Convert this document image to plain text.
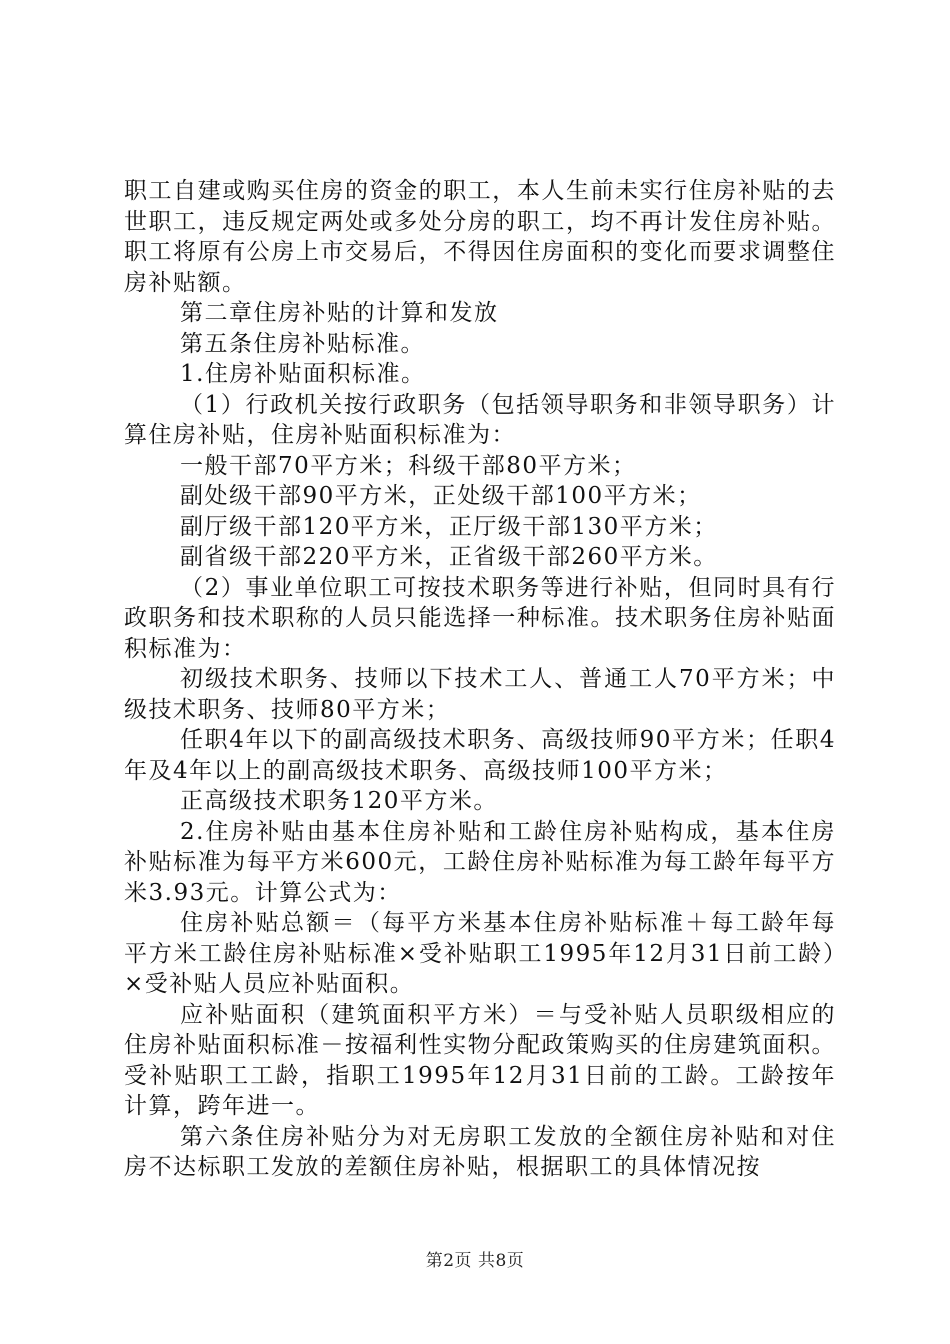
职工自建或购买住房的资金的职工，本人生前未实行住房补贴的去世职工，违反规定两处或多处分房的职工，均不再计发住房补贴。职工将原有公房上市交易后，不得因住房面积的变化而要求调整住房补贴额。

第二章住房补贴的计算和发放

第五条住房补贴标准。

1.住房补贴面积标准。

（1）行政机关按行政职务（包括领导职务和非领导职务）计算住房补贴，住房补贴面积标准为：

一般干部70平方米；科级干部80平方米；

副处级干部90平方米，正处级干部100平方米；

副厅级干部120平方米，正厅级干部130平方米；

副省级干部220平方米，正省级干部260平方米。

（2）事业单位职工可按技术职务等进行补贴，但同时具有行政职务和技术职称的人员只能选择一种标准。技术职务住房补贴面积标准为：

初级技术职务、技师以下技术工人、普通工人70平方米；中级技术职务、技师80平方米；

任职4年以下的副高级技术职务、高级技师90平方米；任职4年及4年以上的副高级技术职务、高级技师100平方米；

正高级技术职务120平方米。

2.住房补贴由基本住房补贴和工龄住房补贴构成，基本住房补贴标准为每平方米600元，工龄住房补贴标准为每工龄年每平方米3.93元。计算公式为：

住房补贴总额＝（每平方米基本住房补贴标准＋每工龄年每平方米工龄住房补贴标准×受补贴职工1995年12月31日前工龄）×受补贴人员应补贴面积。

应补贴面积（建筑面积平方米）＝与受补贴人员职级相应的住房补贴面积标准－按福利性实物分配政策购买的住房建筑面积。受补贴职工工龄，指职工1995年12月31日前的工龄。工龄按年计算，跨年进一。

第六条住房补贴分为对无房职工发放的全额住房补贴和对住房不达标职工发放的差额住房补贴，根据职工的具体情况按

第2页 共8页
